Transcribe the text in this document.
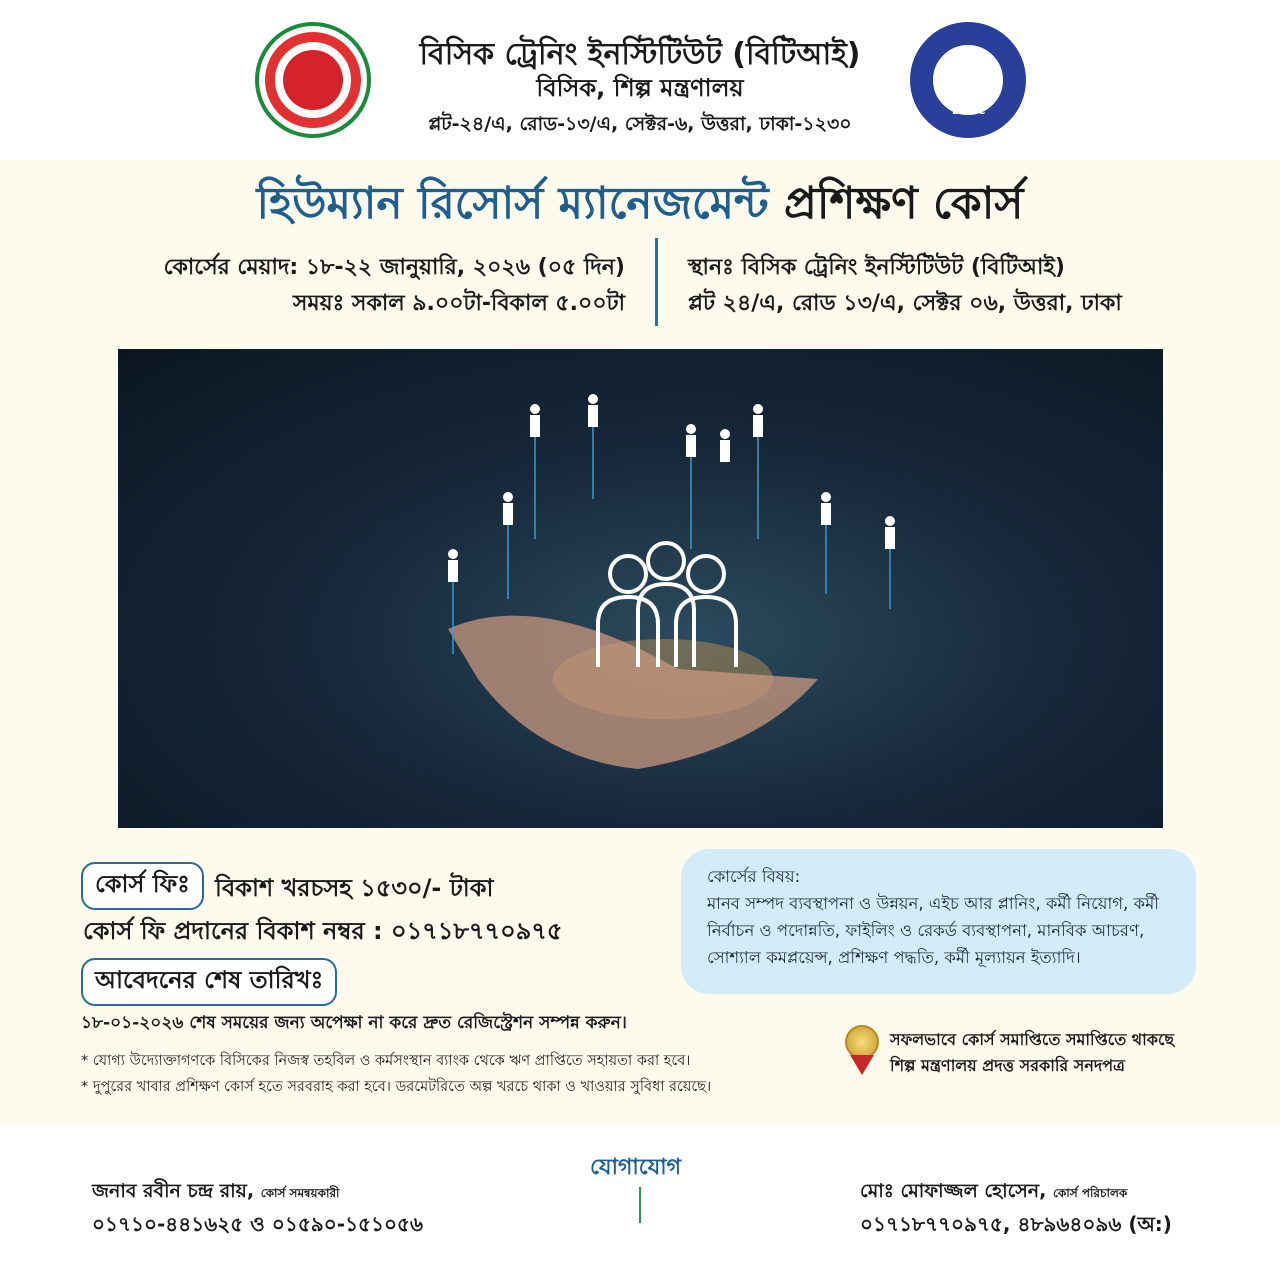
বিসিক ট্রেনিং ইনস্টিটিউট (বিটিআই)
বিসিক, শিল্প মন্ত্রণালয়
প্লট-২৪/এ, রোড-১৩/এ, সেক্টর-৬, উত্তরা, ঢাকা-১২৩০
BSCIC
হিউম্যান রিসোর্স ম্যানেজমেন্ট প্রশিক্ষণ কোর্স
কোর্সের মেয়াদ: ১৮-২২ জানুয়ারি, ২০২৬ (০৫ দিন)
সময়ঃ সকাল ৯.০০টা-বিকাল ৫.০০টা
স্থানঃ বিসিক ট্রেনিং ইনস্টিটিউট (বিটিআই)
প্লট ২৪/এ, রোড ১৩/এ, সেক্টর ০৬, উত্তরা, ঢাকা
কোর্স ফিঃ	বিকাশ খরচসহ ১৫৩০/- টাকা
কোর্স ফি প্রদানের বিকাশ নম্বর : ০১৭১৮৭৭০৯৭৫
আবেদনের শেষ তারিখঃ
১৮-০১-২০২৬ শেষ সময়ের জন্য অপেক্ষা না করে দ্রুত রেজিস্ট্রেশন সম্পন্ন করুন।
* যোগ্য উদ্যোক্তাগণকে বিসিকের নিজস্ব তহবিল ও কর্মসংস্থান ব্যাংক থেকে ঋণ প্রাপ্তিতে সহায়তা করা হবে।
* দুপুরের খাবার প্রশিক্ষণ কোর্স হতে সরবরাহ করা হবে। ডরমেটরিতে অল্প খরচে থাকা ও খাওয়ার সুবিধা রয়েছে।
কোর্সের বিষয়:
মানব সম্পদ ব্যবস্থাপনা ও উন্নয়ন, এইচ আর প্লানিং, কর্মী নিয়োগ, কর্মী নির্বাচন ও পদোন্নতি, ফাইলিং ও রেকর্ড ব্যবস্থাপনা, মানবিক আচরণ, সোশ্যাল কমপ্লয়েন্স, প্রশিক্ষণ পদ্ধতি, কর্মী মূল্যায়ন ইত্যাদি।
সফলভাবে কোর্স সমাপ্তিতে সমাপ্তিতে থাকছে
শিল্প মন্ত্রণালয় প্রদত্ত সরকারি সনদপত্র
যোগাযোগ
জনাব রবীন চন্দ্র রায়, কোর্স সমন্বয়কারী
০১৭১০-৪৪১৬২৫ ও ০১৫৯০-১৫১০৫৬
মোঃ মোফাজ্জল হোসেন, কোর্স পরিচালক
০১৭১৮৭৭০৯৭৫, ৪৮৯৬৪০৯৬ (অ:)
